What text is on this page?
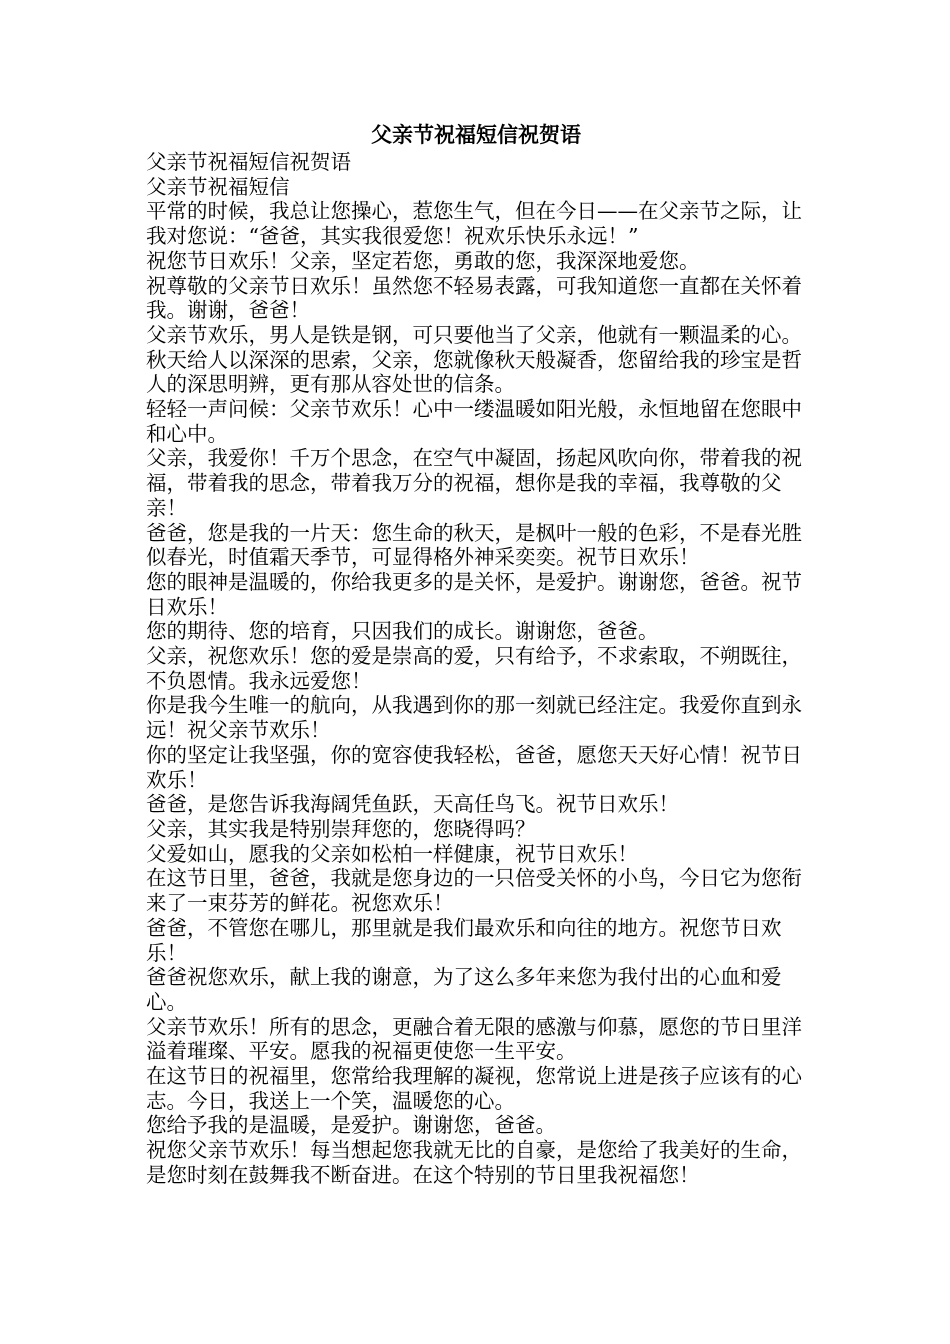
父亲节祝福短信祝贺语

父亲节祝福短信祝贺语

父亲节祝福短信

平常的时候，我总让您操心，惹您生气，但在今日——在父亲节之际，让我对您说：“爸爸，其实我很爱您！祝欢乐快乐永远！”

祝您节日欢乐！父亲，坚定若您，勇敢的您，我深深地爱您。

祝尊敬的父亲节日欢乐！虽然您不轻易表露，可我知道您一直都在关怀着我。谢谢，爸爸！

父亲节欢乐，男人是铁是钢，可只要他当了父亲，他就有一颗温柔的心。

秋天给人以深深的思索，父亲，您就像秋天般凝香，您留给我的珍宝是哲人的深思明辨，更有那从容处世的信条。

轻轻一声问候：父亲节欢乐！心中一缕温暖如阳光般，永恒地留在您眼中和心中。

父亲，我爱你！千万个思念，在空气中凝固，扬起风吹向你，带着我的祝福，带着我的思念，带着我万分的祝福，想你是我的幸福，我尊敬的父亲！

爸爸，您是我的一片天：您生命的秋天，是枫叶一般的色彩，不是春光胜似春光，时值霜天季节，可显得格外神采奕奕。祝节日欢乐！

您的眼神是温暖的，你给我更多的是关怀，是爱护。谢谢您，爸爸。祝节日欢乐！

您的期待、您的培育，只因我们的成长。谢谢您，爸爸。

父亲，祝您欢乐！您的爱是崇高的爱，只有给予，不求索取，不朔既往，不负恩情。我永远爱您！

你是我今生唯一的航向，从我遇到你的那一刻就已经注定。我爱你直到永远！祝父亲节欢乐！

你的坚定让我坚强，你的宽容使我轻松，爸爸，愿您天天好心情！祝节日欢乐！

爸爸，是您告诉我海阔凭鱼跃，天高任鸟飞。祝节日欢乐！

父亲，其实我是特别崇拜您的，您晓得吗？

父爱如山，愿我的父亲如松柏一样健康，祝节日欢乐！

在这节日里，爸爸，我就是您身边的一只倍受关怀的小鸟，今日它为您衔来了一束芬芳的鲜花。祝您欢乐！

爸爸，不管您在哪儿，那里就是我们最欢乐和向往的地方。祝您节日欢乐！

爸爸祝您欢乐，献上我的谢意，为了这么多年来您为我付出的心血和爱心。

父亲节欢乐！所有的思念，更融合着无限的感激与仰慕，愿您的节日里洋溢着璀璨、平安。愿我的祝福更使您一生平安。

在这节日的祝福里，您常给我理解的凝视，您常说上进是孩子应该有的心志。今日，我送上一个笑，温暖您的心。

您给予我的是温暖，是爱护。谢谢您，爸爸。

祝您父亲节欢乐！每当想起您我就无比的自豪，是您给了我美好的生命，是您时刻在鼓舞我不断奋进。在这个特别的节日里我祝福您！
